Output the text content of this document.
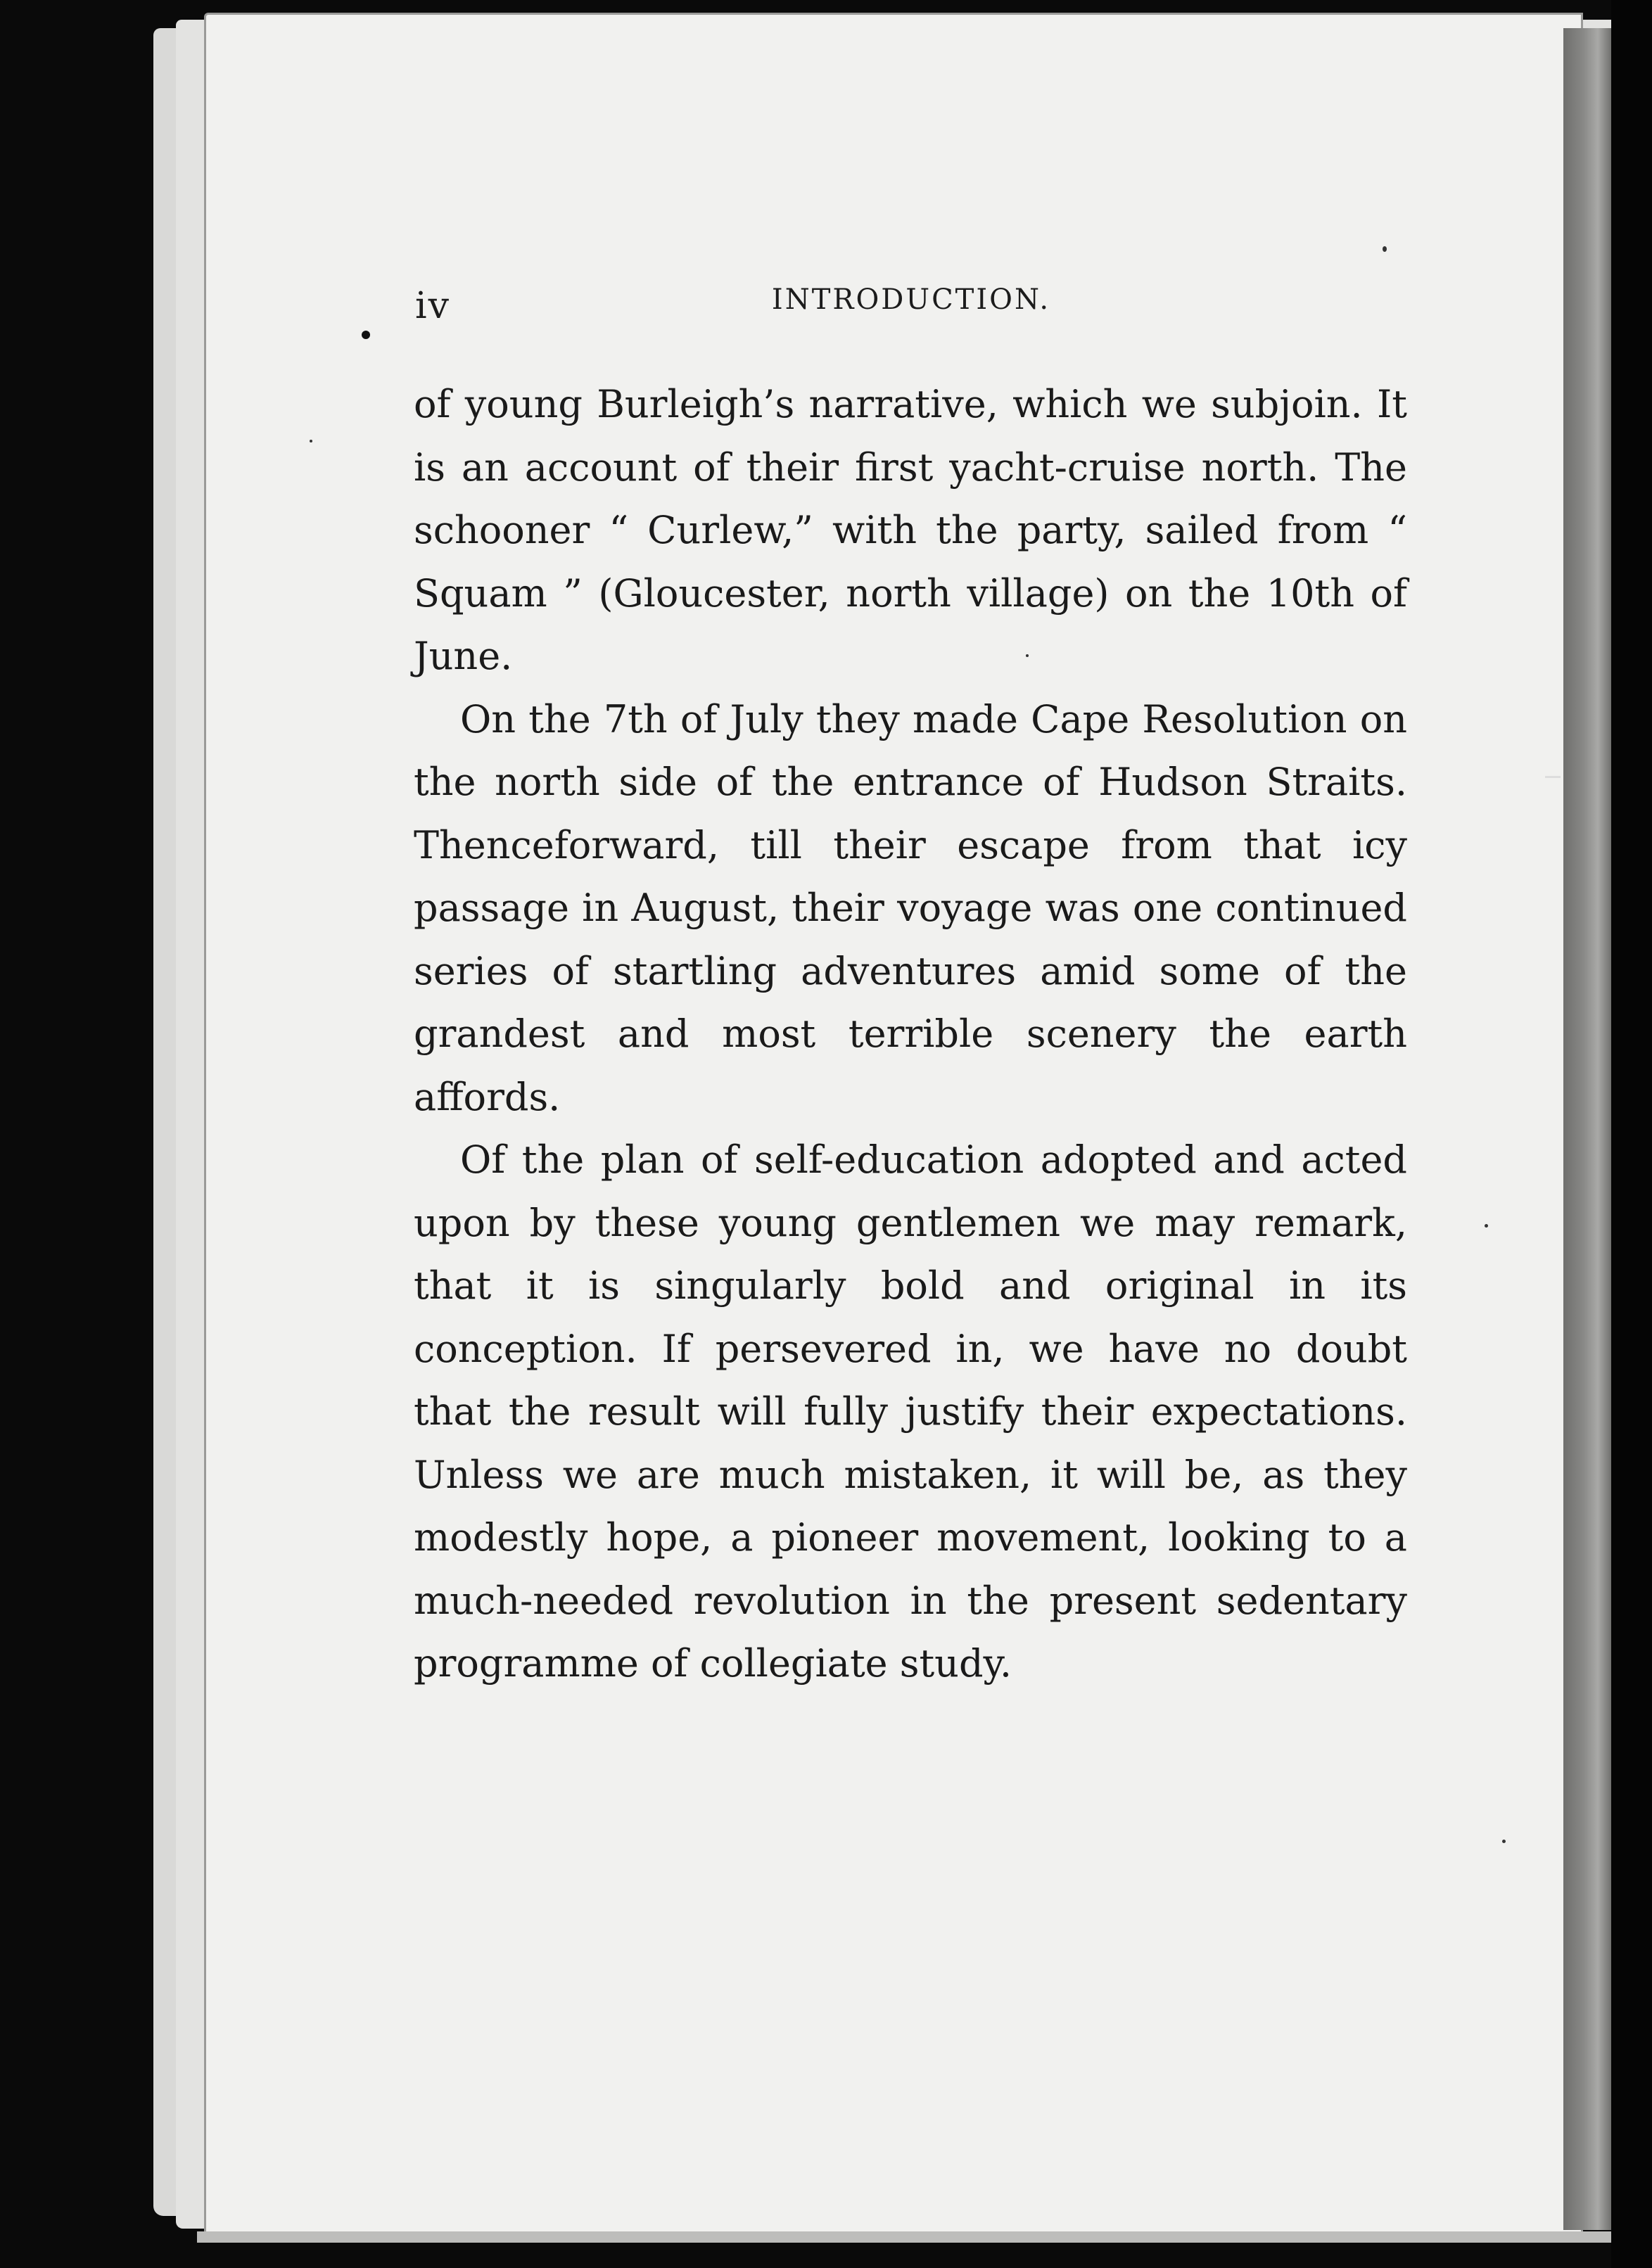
iv	INTRODUCTION.

of young Burleigh’s narrative, which we subjoin. It is an account of their first yacht-cruise north. The schooner “ Curlew,” with the party, sailed from “ Squam ” (Gloucester, north village) on the 10th of June.

On the 7th of July they made Cape Resolution on the north side of the entrance of Hudson Straits. Thenceforward, till their escape from that icy passage in August, their voyage was one continued series of startling adventures amid some of the grandest and most terrible scenery the earth affords.

Of the plan of self-education adopted and acted upon by these young gentlemen we may remark, that it is singularly bold and original in its conception. If persevered in, we have no doubt that the result will fully justify their expectations. Unless we are much mistaken, it will be, as they modestly hope, a pioneer movement, looking to a much-needed revolution in the present sedentary programme of collegiate study.
